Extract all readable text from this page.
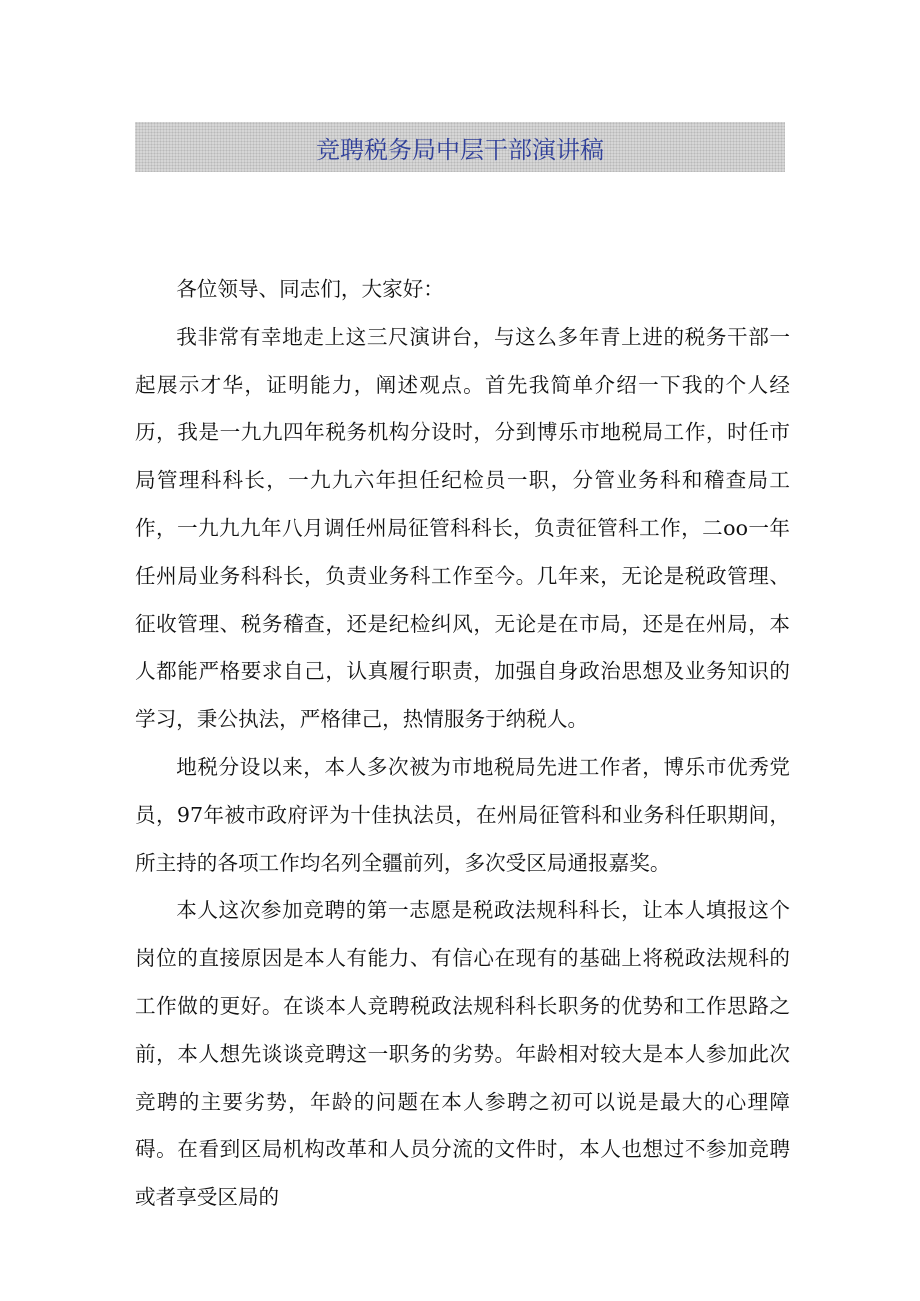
竞聘税务局中层干部演讲稿

各位领导、同志们，大家好：

我非常有幸地走上这三尺演讲台，与这么多年青上进的税务干部一起展示才华，证明能力，阐述观点。首先我简单介绍一下我的个人经历，我是一九九四年税务机构分设时，分到博乐市地税局工作，时任市局管理科科长，一九九六年担任纪检员一职，分管业务科和稽查局工作，一九九九年八月调任州局征管科科长，负责征管科工作，二oo一年任州局业务科科长，负责业务科工作至今。几年来，无论是税政管理、征收管理、税务稽查，还是纪检纠风，无论是在市局，还是在州局，本人都能严格要求自己，认真履行职责，加强自身政治思想及业务知识的学习，秉公执法，严格律己，热情服务于纳税人。

地税分设以来，本人多次被为市地税局先进工作者，博乐市优秀党员，97年被市政府评为十佳执法员，在州局征管科和业务科任职期间，所主持的各项工作均名列全疆前列，多次受区局通报嘉奖。

本人这次参加竞聘的第一志愿是税政法规科科长，让本人填报这个岗位的直接原因是本人有能力、有信心在现有的基础上将税政法规科的工作做的更好。在谈本人竞聘税政法规科科长职务的优势和工作思路之前，本人想先谈谈竞聘这一职务的劣势。年龄相对较大是本人参加此次竞聘的主要劣势，年龄的问题在本人参聘之初可以说是最大的心理障碍。在看到区局机构改革和人员分流的文件时，本人也想过不参加竞聘或者享受区局的
